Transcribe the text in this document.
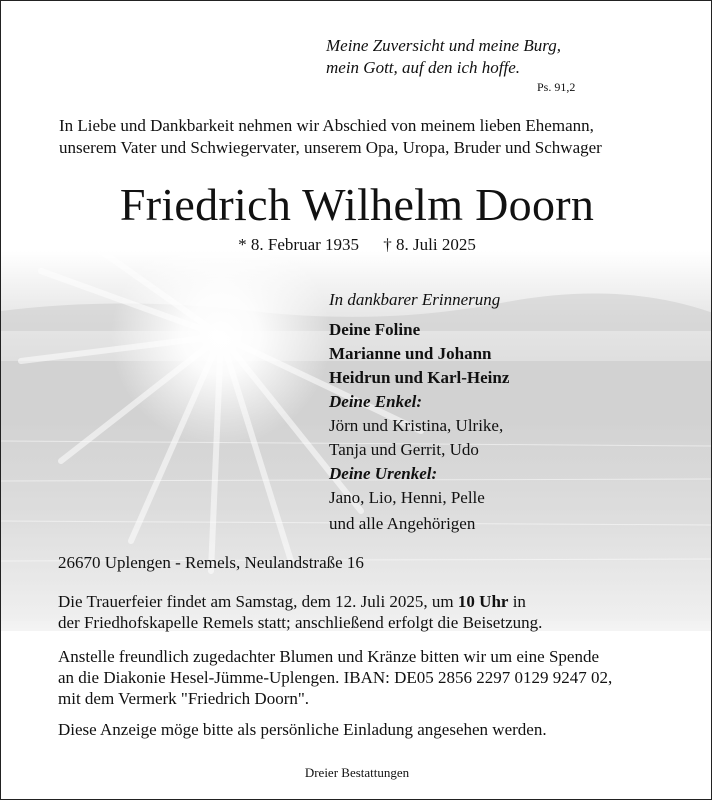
Meine Zuversicht und meine Burg,
mein Gott, auf den ich hoffe.
Ps. 91,2
In Liebe und Dankbarkeit nehmen wir Abschied von meinem lieben Ehemann,
unserem Vater und Schwiegervater, unserem Opa, Uropa, Bruder und Schwager
Friedrich Wilhelm Doorn
* 8. Februar 1935 † 8. Juli 2025
In dankbarer Erinnerung
Deine Foline
Marianne und Johann
Heidrun und Karl-Heinz
Deine Enkel:
Jörn und Kristina, Ulrike,
Tanja und Gerrit, Udo
Deine Urenkel:
Jano, Lio, Henni, Pelle
und alle Angehörigen
26670 Uplengen - Remels, Neulandstraße 16
Die Trauerfeier findet am Samstag, dem 12. Juli 2025, um 10 Uhr in
der Friedhofskapelle Remels statt; anschließend erfolgt die Beisetzung.
Anstelle freundlich zugedachter Blumen und Kränze bitten wir um eine Spende
an die Diakonie Hesel-Jümme-Uplengen. IBAN: DE05 2856 2297 0129 9247 02,
mit dem Vermerk "Friedrich Doorn".
Diese Anzeige möge bitte als persönliche Einladung angesehen werden.
Dreier Bestattungen
